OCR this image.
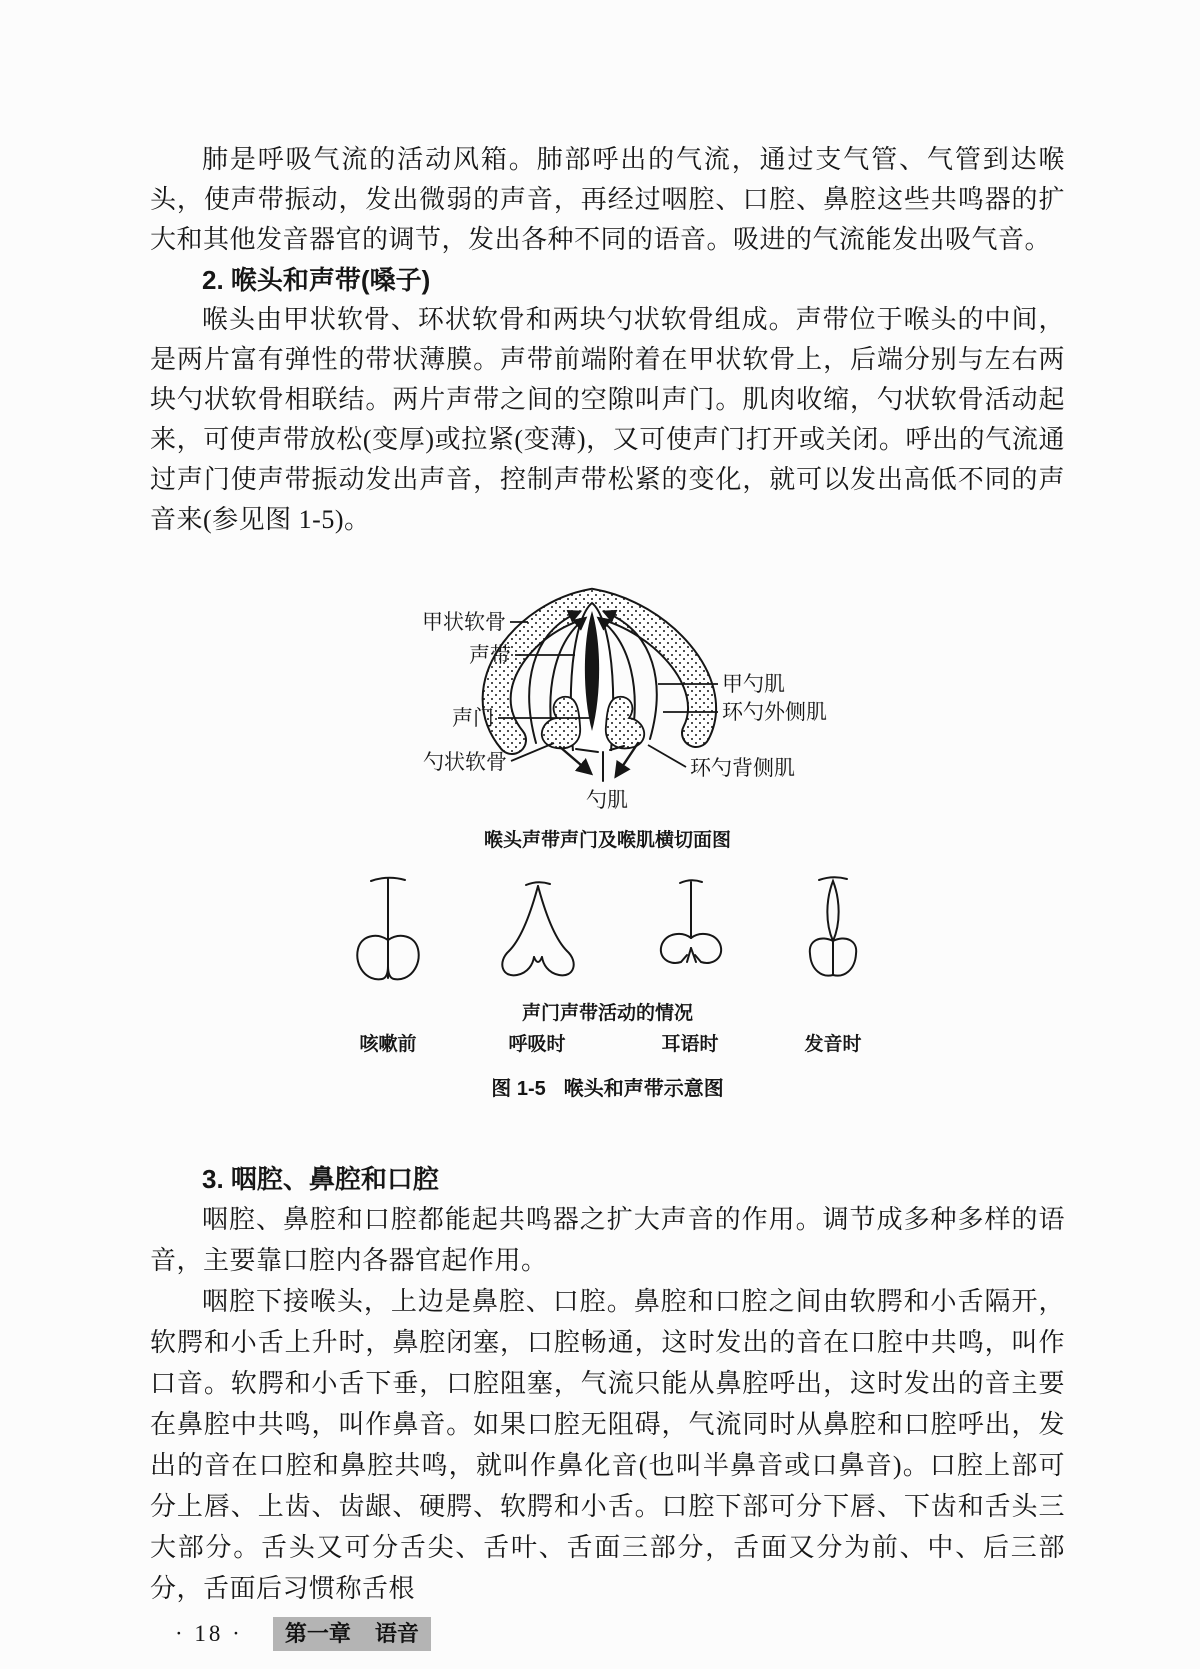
肺是呼吸气流的活动风箱。肺部呼出的气流，通过支气管、气管到达喉头，使声带振动，发出微弱的声音，再经过咽腔、口腔、鼻腔这些共鸣器的扩大和其他发音器官的调节，发出各种不同的语音。吸进的气流能发出吸气音。

2. 喉头和声带(嗓子)

喉头由甲状软骨、环状软骨和两块勺状软骨组成。声带位于喉头的中间，是两片富有弹性的带状薄膜。声带前端附着在甲状软骨上，后端分别与左右两块勺状软骨相联结。两片声带之间的空隙叫声门。肌肉收缩，勺状软骨活动起来，可使声带放松(变厚)或拉紧(变薄)，又可使声门打开或关闭。呼出的气流通过声门使声带振动发出声音，控制声带松紧的变化，就可以发出高低不同的声音来(参见图 1-5)。

甲状软骨
声带
声门
勺状软骨
勺肌
甲勺肌
环勺外侧肌
环勺背侧肌
喉头声带声门及喉肌横切面图
声门声带活动的情况
咳嗽前	呼吸时	耳语时	发音时
图 1-5 喉头和声带示意图

3. 咽腔、鼻腔和口腔

咽腔、鼻腔和口腔都能起共鸣器之扩大声音的作用。调节成多种多样的语音，主要靠口腔内各器官起作用。

咽腔下接喉头，上边是鼻腔、口腔。鼻腔和口腔之间由软腭和小舌隔开，软腭和小舌上升时，鼻腔闭塞，口腔畅通，这时发出的音在口腔中共鸣，叫作口音。软腭和小舌下垂，口腔阻塞，气流只能从鼻腔呼出，这时发出的音主要在鼻腔中共鸣，叫作鼻音。如果口腔无阻碍，气流同时从鼻腔和口腔呼出，发出的音在口腔和鼻腔共鸣，就叫作鼻化音(也叫半鼻音或口鼻音)。口腔上部可分上唇、上齿、齿龈、硬腭、软腭和小舌。口腔下部可分下唇、下齿和舌头三大部分。舌头又可分舌尖、舌叶、舌面三部分，舌面又分为前、中、后三部分，舌面后习惯称舌根

· 18 · 第一章 语音
